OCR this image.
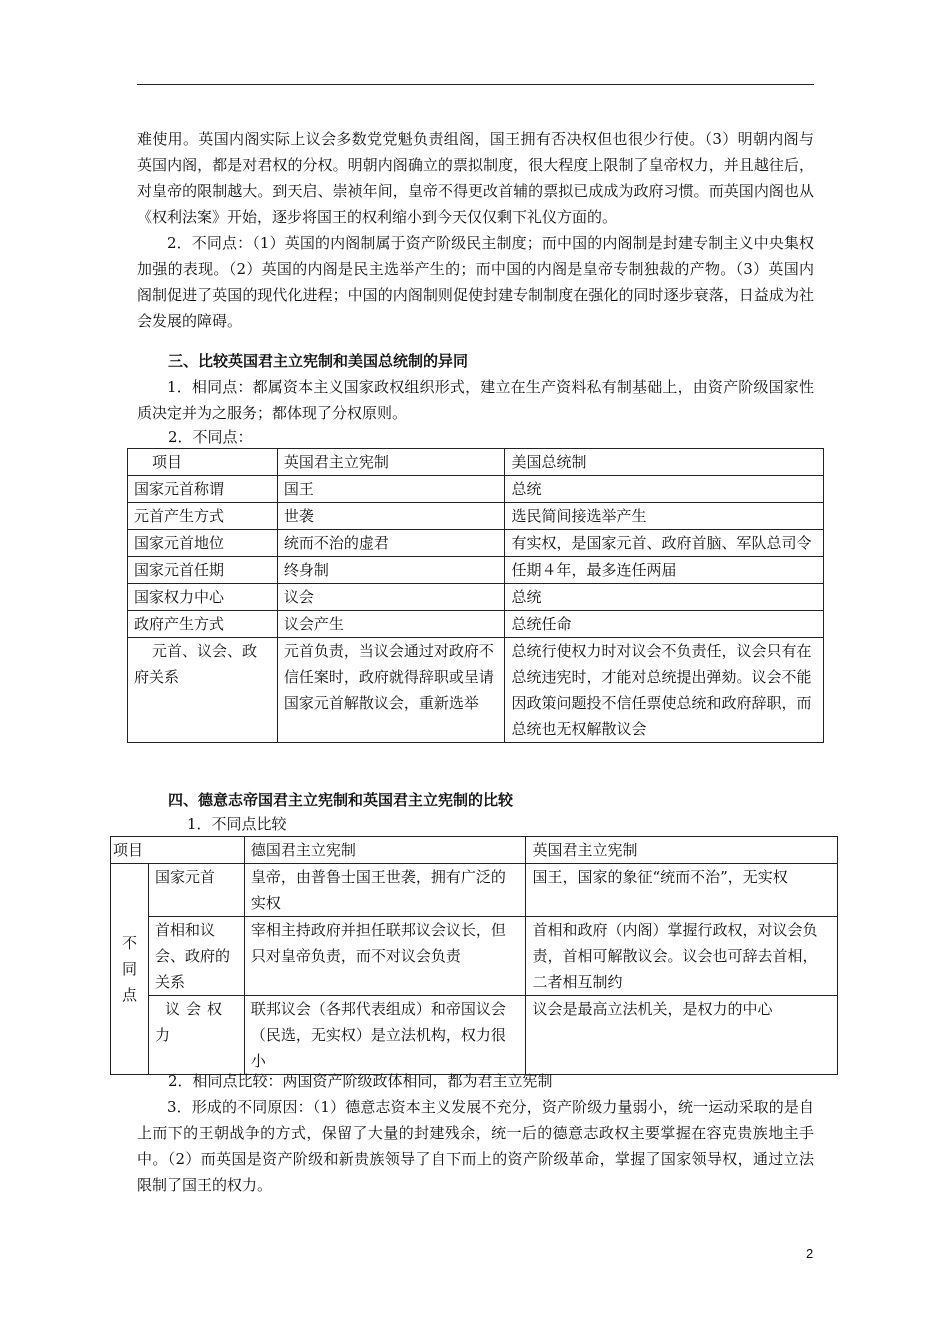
难使用。英国内阁实际上议会多数党党魁负责组阁，国王拥有否决权但也很少行使。（3）明朝内阁与英国内阁，都是对君权的分权。明朝内阁确立的票拟制度，很大程度上限制了皇帝权力，并且越往后，对皇帝的限制越大。到天启、崇祯年间，皇帝不得更改首辅的票拟已成成为政府习惯。而英国内阁也从《权利法案》开始，逐步将国王的权利缩小到今天仅仅剩下礼仪方面的。
2．不同点：（1）英国的内阁制属于资产阶级民主制度；而中国的内阁制是封建专制主义中央集权加强的表现。（2）英国的内阁是民主选举产生的；而中国的内阁是皇帝专制独裁的产物。（3）英国内阁制促进了英国的现代化进程；中国的内阁制则促使封建专制制度在强化的同时逐步衰落，日益成为社会发展的障碍。
三、比较英国君主立宪制和美国总统制的异同
1．相同点：都属资本主义国家政权组织形式，建立在生产资料私有制基础上，由资产阶级国家性质决定并为之服务；都体现了分权原则。
2．不同点：
项目	英国君主立宪制	美国总统制
国家元首称谓	国王	总统
元首产生方式	世袭	选民简间接选举产生
国家元首地位	统而不治的虚君	有实权，是国家元首、政府首脑、军队总司令
国家元首任期	终身制	任期４年，最多连任两届
国家权力中心	议会	总统
政府产生方式	议会产生	总统任命
元首、议会、政府关系	元首负责，当议会通过对政府不信任案时，政府就得辞职或呈请国家元首解散议会，重新选举	总统行使权力时对议会不负责任，议会只有在总统违宪时，才能对总统提出弹劾。议会不能因政策问题投不信任票使总统和政府辞职，而总统也无权解散议会
四、德意志帝国君主立宪制和英国君主立宪制的比较
1．不同点比较
项目		德国君主立宪制	英国君主立宪制
不同点	国家元首	皇帝，由普鲁士国王世袭，拥有广泛的实权	国王，国家的象征“统而不治”，无实权
	首相和议会、政府的关系	宰相主持政府并担任联邦议会议长，但只对皇帝负责，而不对议会负责	首相和政府（内阁）掌握行政权，对议会负责，首相可解散议会。议会也可辞去首相，二者相互制约
	议会权力	联邦议会（各邦代表组成）和帝国议会（民选，无实权）是立法机构，权力很小	议会是最高立法机关，是权力的中心
2．相同点比较：两国资产阶级政体相同，都为君主立宪制
3．形成的不同原因：（1）德意志资本主义发展不充分，资产阶级力量弱小，统一运动采取的是自上而下的王朝战争的方式，保留了大量的封建残余，统一后的德意志政权主要掌握在容克贵族地主手中。（2）而英国是资产阶级和新贵族领导了自下而上的资产阶级革命，掌握了国家领导权，通过立法限制了国王的权力。
2
